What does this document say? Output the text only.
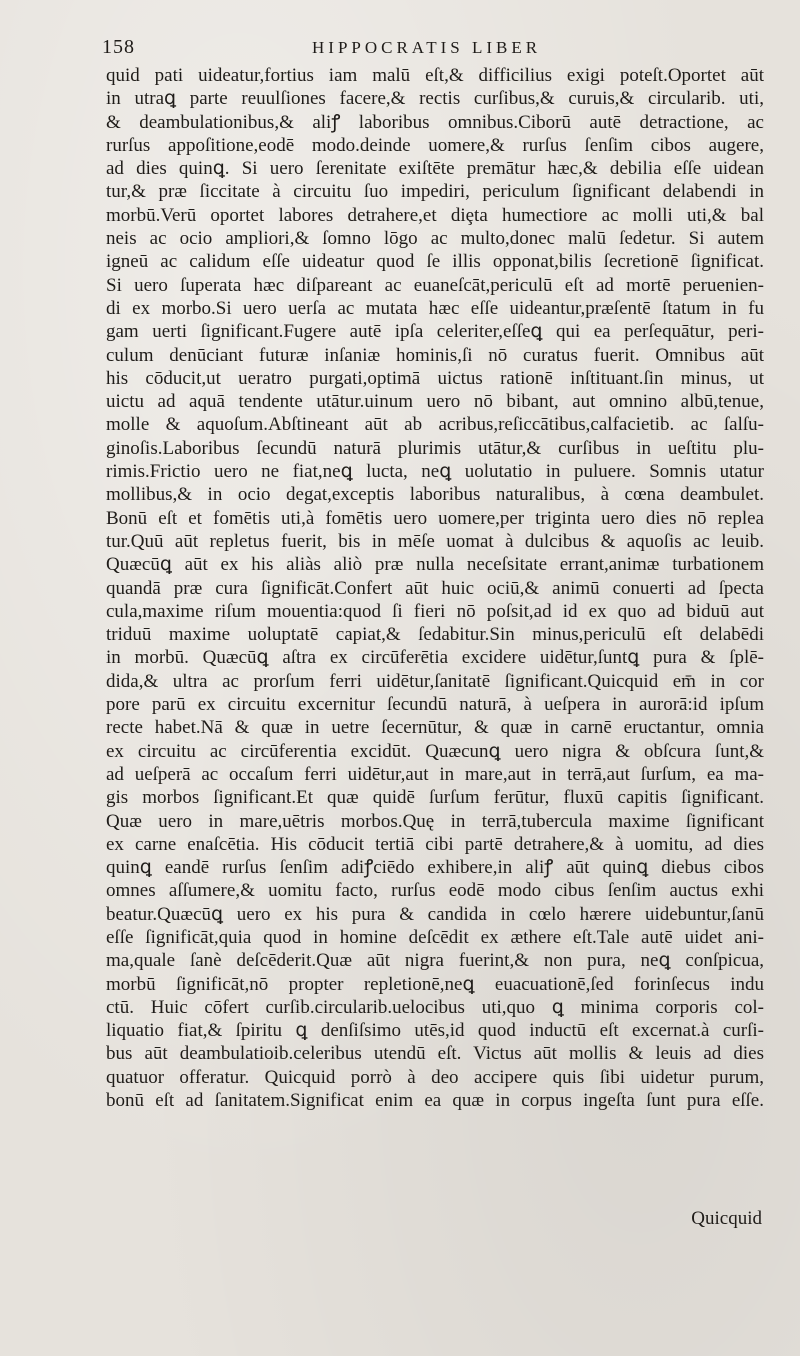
158	HIPPOCRATIS LIBER
quid pati uideatur,fortius iam malū eſt,& difficilius exigi poteſt.Oportet aūt
in utraꝗ parte reuulſiones facere,& rectis curſibus,& curuis,& circularib. uti,
& deambulationibus,& aliꝭ laboribus omnibus.Ciborū autē detractione, ac
rurſus appoſitione,eodē modo.deinde uomere,& rurſus ſenſim cibos augere,
ad dies quinꝗ. Si uero ſerenitate exiſtēte premātur hæc,& debilia eſſe uidean
tur,& præ ſiccitate à circuitu ſuo impediri, periculum ſignificant delabendi in
morbū.Verū oportet labores detrahere,et diȩta humectiore ac molli uti,& bal
neis ac ocio ampliori,& ſomno lōgo ac multo,donec malū ſedetur. Si autem
igneū ac calidum eſſe uideatur quod ſe illis opponat,bilis ſecretionē ſignificat.
Si uero ſuperata hæc diſpareant ac euaneſcāt,periculū eſt ad mortē peruenien-
di ex morbo.Si uero uerſa ac mutata hæc eſſe uideantur,præſentē ſtatum in fu
gam uerti ſignificant.Fugere autē ipſa celeriter,eſſeꝗ qui ea perſequātur, peri-
culum denūciant futuræ inſaniæ hominis,ſi nō curatus fuerit. Omnibus aūt
his cōducit,ut ueratro purgati,optimā uictus rationē inſtituant.ſin minus, ut
uictu ad aquā tendente utātur.uinum uero nō bibant, aut omnino albū,tenue,
molle & aquoſum.Abſtineant aūt ab acribus,reſiccātibus,calfacietib. ac ſalſu-
ginoſis.Laboribus ſecundū naturā plurimis utātur,& curſibus in ueſtitu plu-
rimis.Frictio uero ne fiat,neꝗ lucta, neꝗ uolutatio in puluere. Somnis utatur
mollibus,& in ocio degat,exceptis laboribus naturalibus, à cœna deambulet.
Bonū eſt et fomētis uti,à fomētis uero uomere,per triginta uero dies nō replea
tur.Quū aūt repletus fuerit, bis in mēſe uomat à dulcibus & aquoſis ac leuib.
Quæcūꝗ aūt ex his aliàs aliò præ nulla neceſsitate errant,animæ turbationem
quandā præ cura ſignificāt.Confert aūt huic ociū,& animū conuerti ad ſpecta
cula,maxime riſum mouentia:quod ſi fieri nō poſsit,ad id ex quo ad biduū aut
triduū maxime uoluptatē capiat,& ſedabitur.Sin minus,periculū eſt delabēdi
in morbū. Quæcūꝗ aſtra ex circūferētia excidere uidētur,ſuntꝗ pura & ſplē-
dida,& ultra ac prorſum ferri uidētur,ſanitatē ſignificant.Quicquid em̄ in cor
pore parū ex circuitu excernitur ſecundū naturā, à ueſpera in aurorā:id ipſum
recte habet.Nā & quæ in uetre ſecernūtur, & quæ in carnē eructantur, omnia
ex circuitu ac circūferentia excidūt. Quæcunꝗ uero nigra & obſcura ſunt,&
ad ueſperā ac occaſum ferri uidētur,aut in mare,aut in terrā,aut ſurſum, ea ma-
gis morbos ſignificant.Et quæ quidē ſurſum ferūtur, fluxū capitis ſignificant.
Quæ uero in mare,uētris morbos.Quę in terrā,tubercula maxime ſignificant
ex carne enaſcētia. His cōducit tertiā cibi partē detrahere,& à uomitu, ad dies
quinꝗ eandē rurſus ſenſim adiꝭciēdo exhibere,in aliꝭ aūt quinꝗ diebus cibos
omnes aſſumere,& uomitu facto, rurſus eodē modo cibus ſenſim auctus exhi
beatur.Quæcūꝗ uero ex his pura & candida in cœlo hærere uidebuntur,ſanū
eſſe ſignificāt,quia quod in homine deſcēdit ex æthere eſt.Tale autē uidet ani-
ma,quale ſanè deſcēderit.Quæ aūt nigra fuerint,& non pura, neꝗ conſpicua,
morbū ſignificāt,nō propter repletionē,neꝗ euacuationē,ſed forinſecus indu
ctū. Huic cōfert curſib.circularib.uelocibus uti,quo ꝗ minima corporis col-
liquatio fiat,& ſpiritu ꝗ denſiſsimo utēs,id quod inductū eſt excernat.à curſi-
bus aūt deambulatioib.celeribus utendū eſt. Victus aūt mollis & leuis ad dies
quatuor offeratur. Quicquid porrò à deo accipere quis ſibi uidetur purum,
bonū eſt ad ſanitatem.Significat enim ea quæ in corpus ingeſta ſunt pura eſſe.
Quicquid
